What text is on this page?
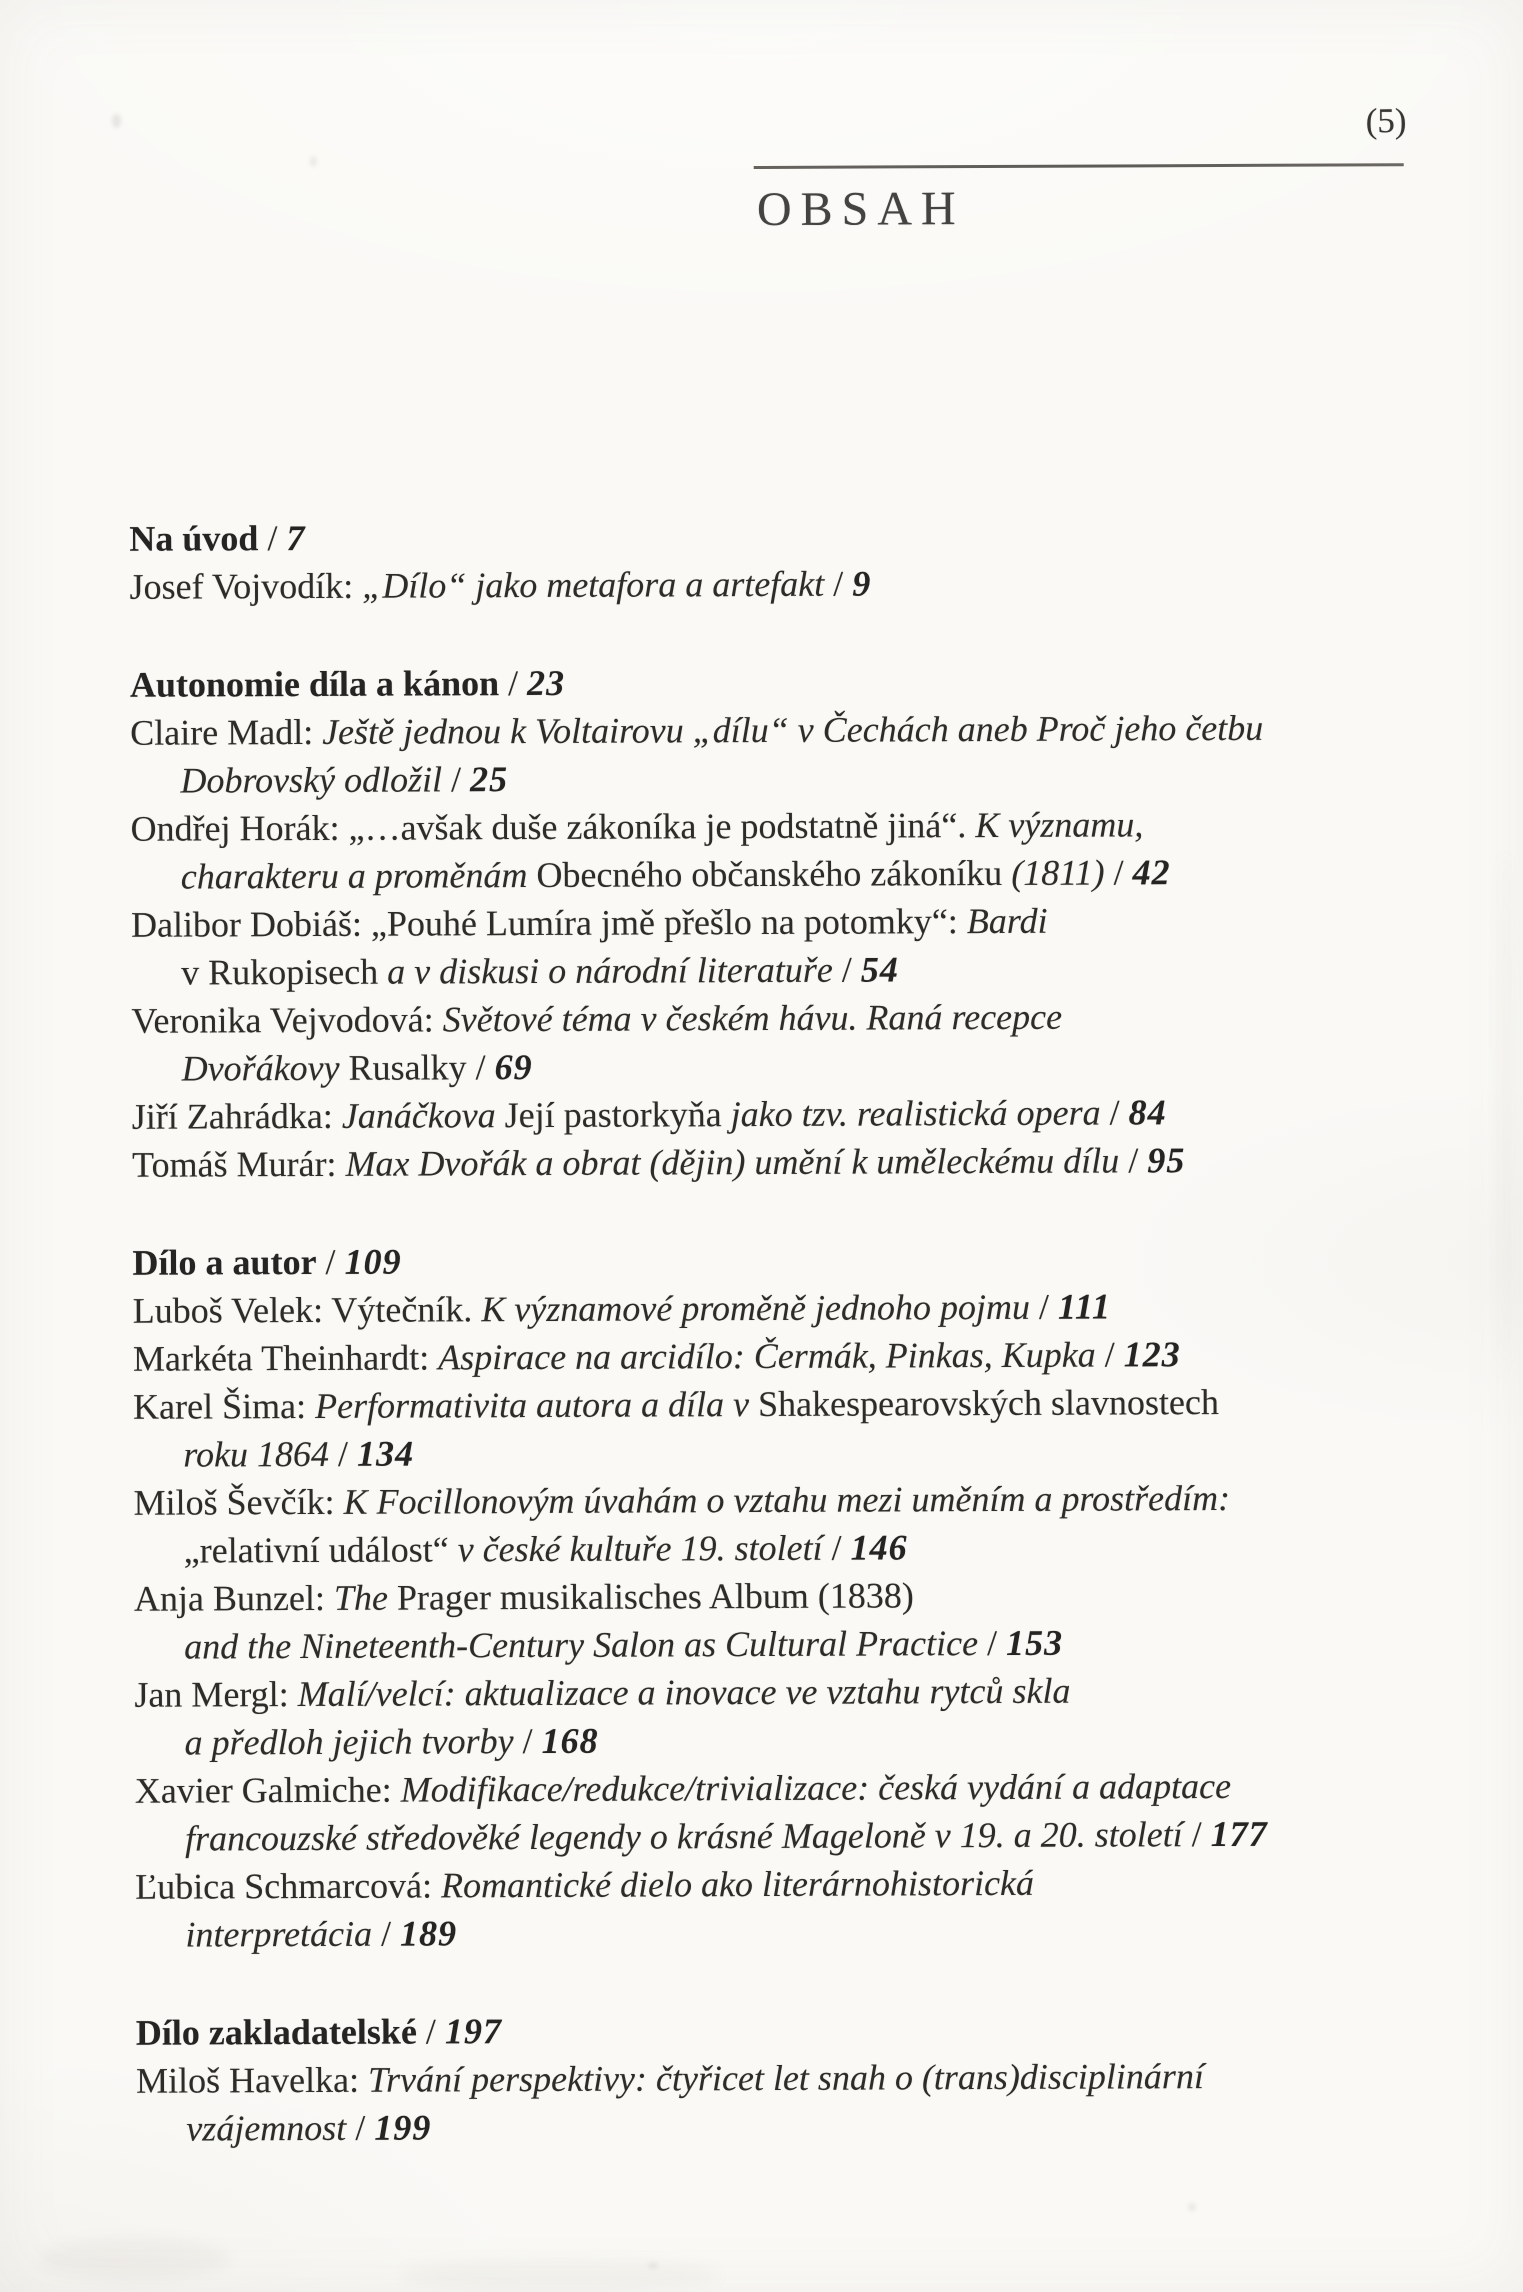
(5)
OBSAH
Na úvod / 7
Josef Vojvodík: „Dílo“ jako metafora a artefakt / 9
Autonomie díla a kánon / 23
Claire Madl: Ještě jednou k Voltairovu „dílu“ v Čechách aneb Proč jeho četbu
Dobrovský odložil / 25
Ondřej Horák: „…avšak duše zákoníka je podstatně jiná“. K významu,
charakteru a proměnám Obecného občanského zákoníku (1811) / 42
Dalibor Dobiáš: „Pouhé Lumíra jmě přešlo na potomky“: Bardi
v Rukopisech a v diskusi o národní literatuře / 54
Veronika Vejvodová: Světové téma v českém hávu. Raná recepce
Dvořákovy Rusalky / 69
Jiří Zahrádka: Janáčkova Její pastorkyňa jako tzv. realistická opera / 84
Tomáš Murár: Max Dvořák a obrat (dějin) umění k uměleckému dílu / 95
Dílo a autor / 109
Luboš Velek: Výtečník. K významové proměně jednoho pojmu / 111
Markéta Theinhardt: Aspirace na arcidílo: Čermák, Pinkas, Kupka / 123
Karel Šima: Performativita autora a díla v Shakespearovských slavnostech
roku 1864 / 134
Miloš Ševčík: K Focillonovým úvahám o vztahu mezi uměním a prostředím:
„relativní událost“ v české kultuře 19. století / 146
Anja Bunzel: The Prager musikalisches Album (1838)
and the Nineteenth-Century Salon as Cultural Practice / 153
Jan Mergl: Malí/velcí: aktualizace a inovace ve vztahu rytců skla
a předloh jejich tvorby / 168
Xavier Galmiche: Modifikace/redukce/trivializace: česká vydání a adaptace
francouzské středověké legendy o krásné Mageloně v 19. a 20. století / 177
Ľubica Schmarcová: Romantické dielo ako literárnohistorická
interpretácia / 189
Dílo zakladatelské / 197
Miloš Havelka: Trvání perspektivy: čtyřicet let snah o (trans)disciplinární
vzájemnost / 199
